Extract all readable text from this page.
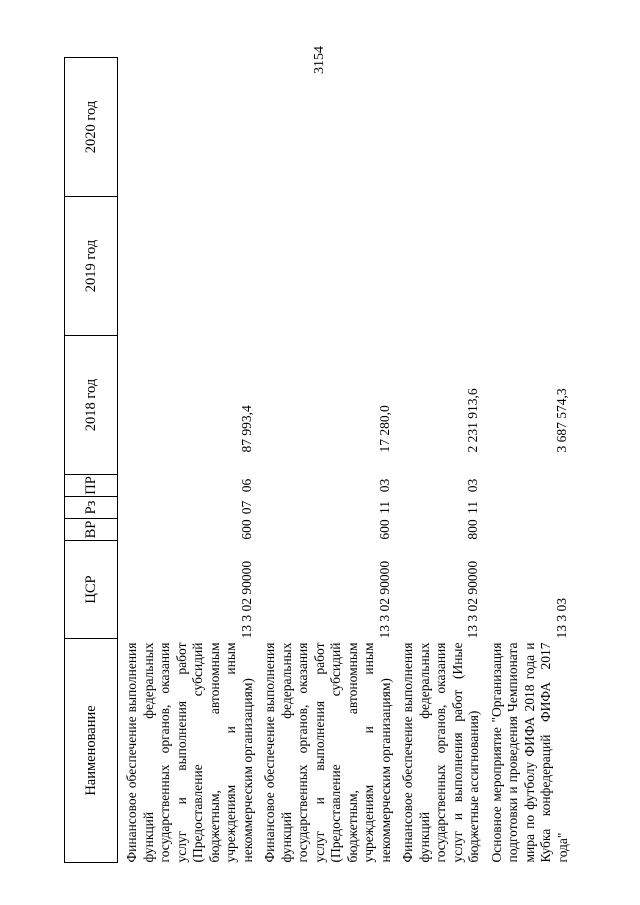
3154
Наименование	ЦСР	ВР	Рз	ПР	2018 год	2019 год	2020 год

Финансовое обеспечение выполнения функций федеральных государственных органов, оказания услуг и выполнения работ (Предоставление субсидий бюджетным, автономным учреждениям и иным некоммерческим организациям)	13 3 02 90000	600	07	06	87 993,4		

Финансовое обеспечение выполнения функций федеральных государственных органов, оказания услуг и выполнения работ (Предоставление субсидий бюджетным, автономным учреждениям и иным некоммерческим организациям)	13 3 02 90000	600	11	03	17 280,0		

Финансовое обеспечение выполнения функций федеральных государственных органов, оказания услуг и выполнения работ (Иные бюджетные ассигнования)	13 3 02 90000	800	11	03	2 231 913,6		

Основное мероприятие "Организация подготовки и проведения Чемпионата мира по футболу ФИФА 2018 года и Кубка конфедераций ФИФА 2017 года"	13 3 03				3 687 574,3		
